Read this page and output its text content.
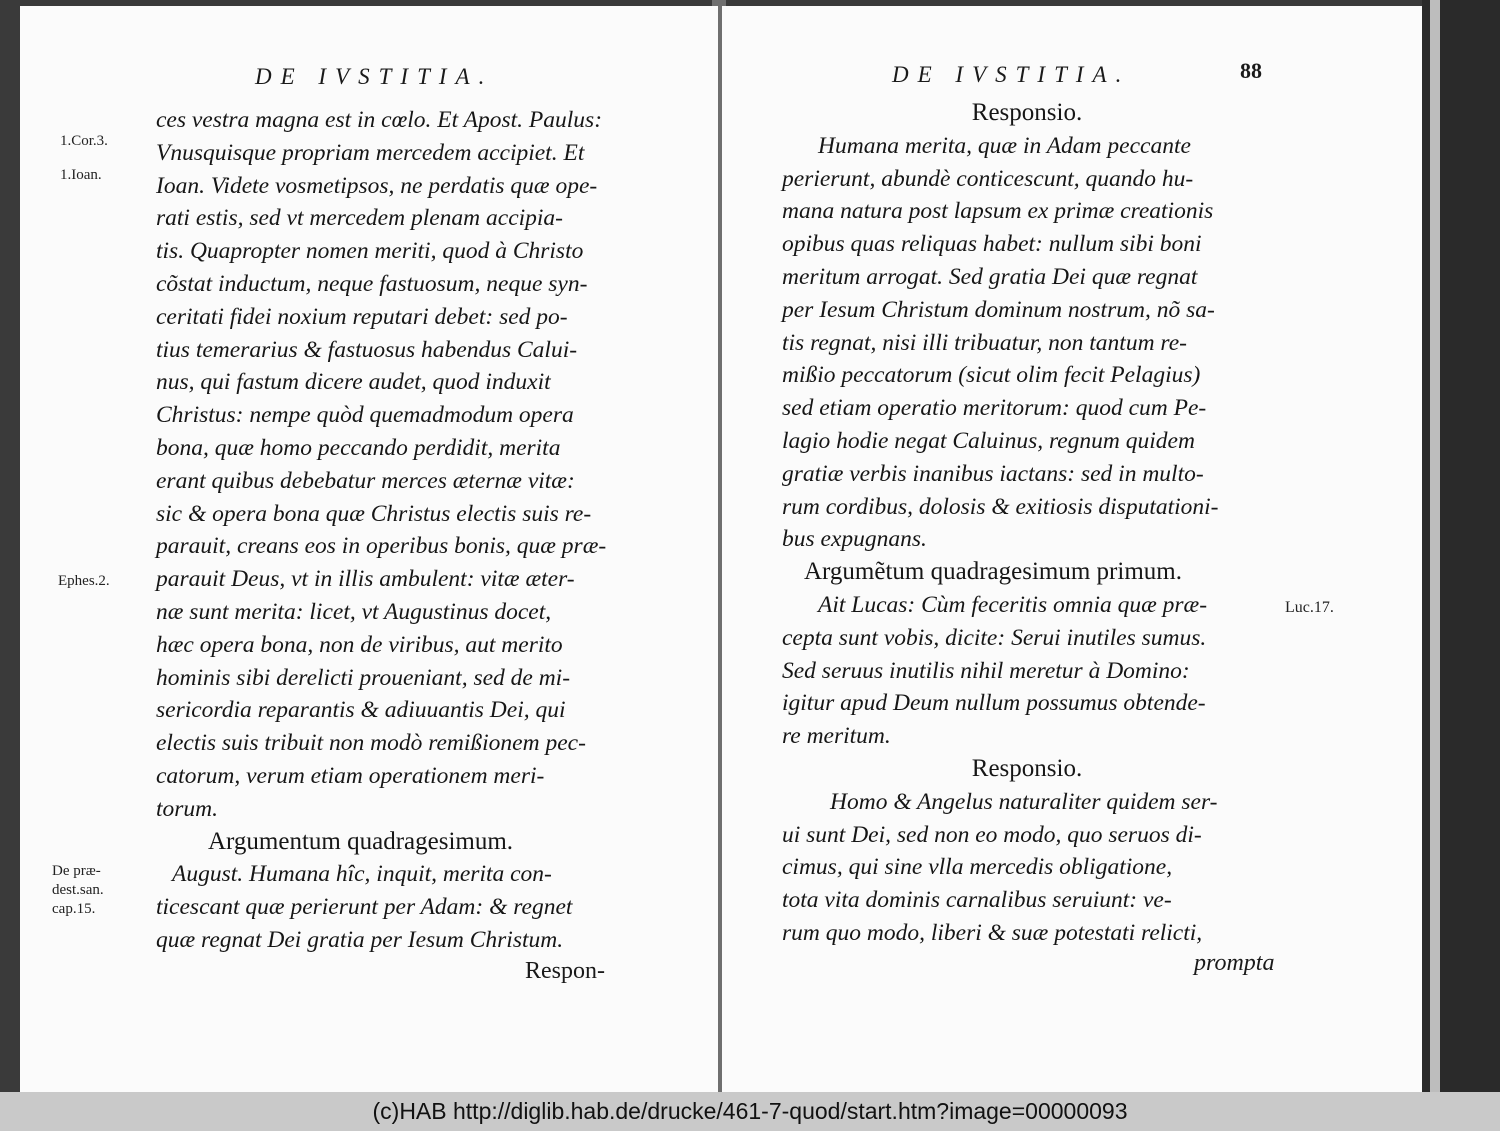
DE IVSTITIA.
1.Cor.3.
1.Ioan.
Ephes.2.
De præ-
dest.san.
cap.15.
ces vestra magna est in cœlo. Et Apost. Paulus:
Vnusquisque propriam mercedem accipiet. Et
Ioan. Videte vosmetipsos, ne perdatis quæ ope-
rati estis, sed vt mercedem plenam accipia-
tis. Quapropter nomen meriti, quod à Christo
cõstat inductum, neque fastuosum, neque syn-
ceritati fidei noxium reputari debet: sed po-
tius temerarius & fastuosus habendus Calui-
nus, qui fastum dicere audet, quod induxit
Christus: nempe quòd quemadmodum opera
bona, quæ homo peccando perdidit, merita
erant quibus debebatur merces æternæ vitæ:
sic & opera bona quæ Christus electis suis re-
parauit, creans eos in operibus bonis, quæ præ-
parauit Deus, vt in illis ambulent: vitæ æter-
næ sunt merita: licet, vt Augustinus docet,
hæc opera bona, non de viribus, aut merito
hominis sibi derelicti proueniant, sed de mi-
sericordia reparantis & adiuuantis Dei, qui
electis suis tribuit non modò remißionem pec-
catorum, verum etiam operationem meri-
torum.
Argumentum quadragesimum.
August. Humana hîc, inquit, merita con-
ticescant quæ perierunt per Adam: & regnet
quæ regnat Dei gratia per Iesum Christum.
Respon-
DE IVSTITIA.	88
Luc.17.
Responsio.
Humana merita, quæ in Adam peccante
perierunt, abundè conticescunt, quando hu-
mana natura post lapsum ex primæ creationis
opibus quas reliquas habet: nullum sibi boni
meritum arrogat. Sed gratia Dei quæ regnat
per Iesum Christum dominum nostrum, nõ sa-
tis regnat, nisi illi tribuatur, non tantum re-
mißio peccatorum (sicut olim fecit Pelagius)
sed etiam operatio meritorum: quod cum Pe-
lagio hodie negat Caluinus, regnum quidem
gratiæ verbis inanibus iactans: sed in multo-
rum cordibus, dolosis & exitiosis disputationi-
bus expugnans.
Argumẽtum quadragesimum primum.
Ait Lucas: Cùm feceritis omnia quæ præ-
cepta sunt vobis, dicite: Serui inutiles sumus.
Sed seruus inutilis nihil meretur à Domino:
igitur apud Deum nullum possumus obtende-
re meritum.
Responsio.
Homo & Angelus naturaliter quidem ser-
ui sunt Dei, sed non eo modo, quo seruos di-
cimus, qui sine vlla mercedis obligatione,
tota vita dominis carnalibus seruiunt: ve-
rum quo modo, liberi & suæ potestati relicti,
prompta
(c)HAB http://diglib.hab.de/drucke/461-7-quod/start.htm?image=00000093
